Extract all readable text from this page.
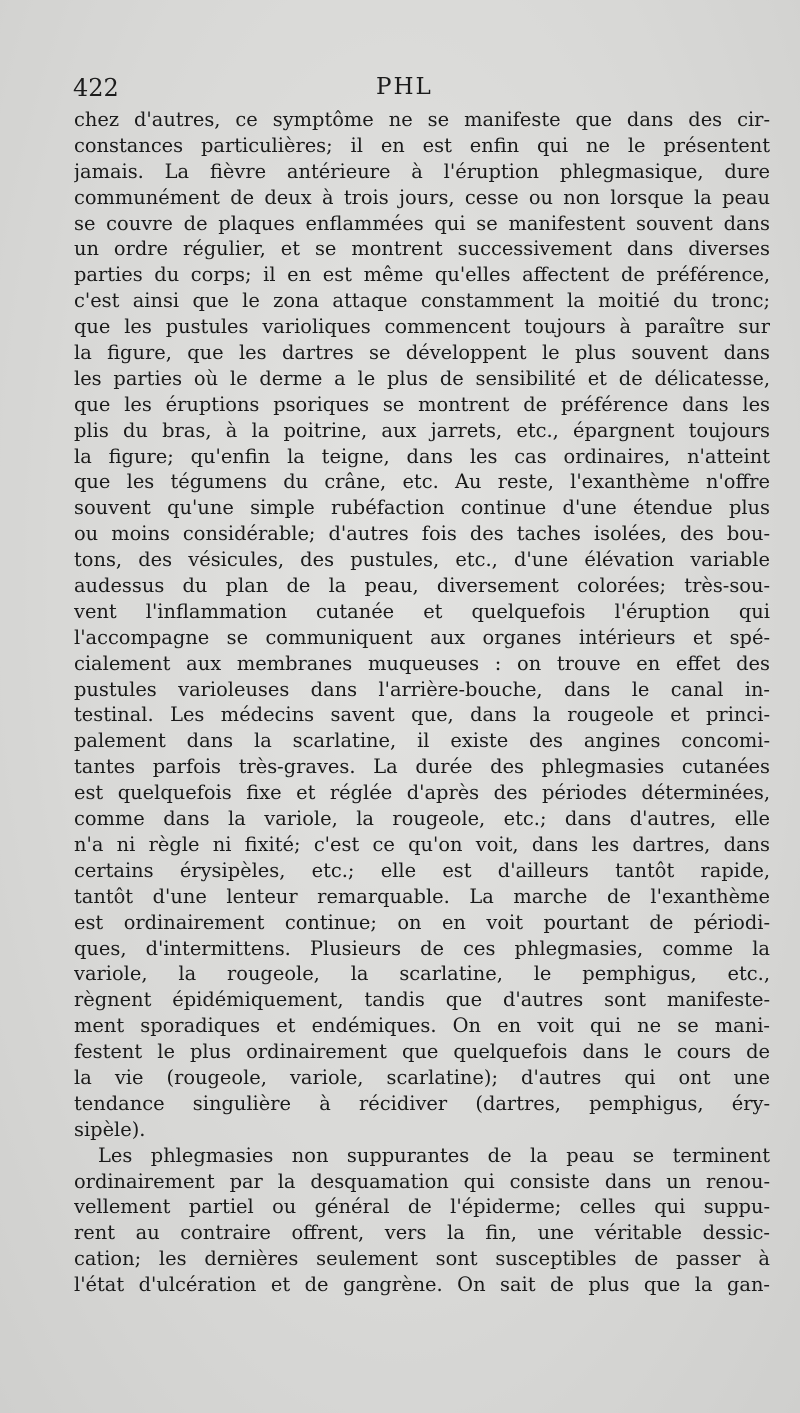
422	PHL
chez d'autres, ce symptôme ne se manifeste que dans des cir-
constances particulières; il en est enfin qui ne le présentent
jamais. La fièvre antérieure à l'éruption phlegmasique, dure
communément de deux à trois jours, cesse ou non lorsque la peau
se couvre de plaques enflammées qui se manifestent souvent dans
un ordre régulier, et se montrent successivement dans diverses
parties du corps; il en est même qu'elles affectent de préférence,
c'est ainsi que le zona attaque constamment la moitié du tronc;
que les pustules varioliques commencent toujours à paraître sur
la figure, que les dartres se développent le plus souvent dans
les parties où le derme a le plus de sensibilité et de délicatesse,
que les éruptions psoriques se montrent de préférence dans les
plis du bras, à la poitrine, aux jarrets, etc., épargnent toujours
la figure; qu'enfin la teigne, dans les cas ordinaires, n'atteint
que les tégumens du crâne, etc. Au reste, l'exanthème n'offre
souvent qu'une simple rubéfaction continue d'une étendue plus
ou moins considérable; d'autres fois des taches isolées, des bou-
tons, des vésicules, des pustules, etc., d'une élévation variable
audessus du plan de la peau, diversement colorées; très-sou-
vent l'inflammation cutanée et quelquefois l'éruption qui
l'accompagne se communiquent aux organes intérieurs et spé-
cialement aux membranes muqueuses : on trouve en effet des
pustules varioleuses dans l'arrière-bouche, dans le canal in-
testinal. Les médecins savent que, dans la rougeole et princi-
palement dans la scarlatine, il existe des angines concomi-
tantes parfois très-graves. La durée des phlegmasies cutanées
est quelquefois fixe et réglée d'après des périodes déterminées,
comme dans la variole, la rougeole, etc.; dans d'autres, elle
n'a ni règle ni fixité; c'est ce qu'on voit, dans les dartres, dans
certains érysipèles, etc.; elle est d'ailleurs tantôt rapide,
tantôt d'une lenteur remarquable. La marche de l'exanthème
est ordinairement continue; on en voit pourtant de périodi-
ques, d'intermittens. Plusieurs de ces phlegmasies, comme la
variole, la rougeole, la scarlatine, le pemphigus, etc.,
règnent épidémiquement, tandis que d'autres sont manifeste-
ment sporadiques et endémiques. On en voit qui ne se mani-
festent le plus ordinairement que quelquefois dans le cours de
la vie (rougeole, variole, scarlatine); d'autres qui ont une
tendance singulière à récidiver (dartres, pemphigus, éry-
sipèle).
Les phlegmasies non suppurantes de la peau se terminent
ordinairement par la desquamation qui consiste dans un renou-
vellement partiel ou général de l'épiderme; celles qui suppu-
rent au contraire offrent, vers la fin, une véritable dessic-
cation; les dernières seulement sont susceptibles de passer à
l'état d'ulcération et de gangrène. On sait de plus que la gan-
